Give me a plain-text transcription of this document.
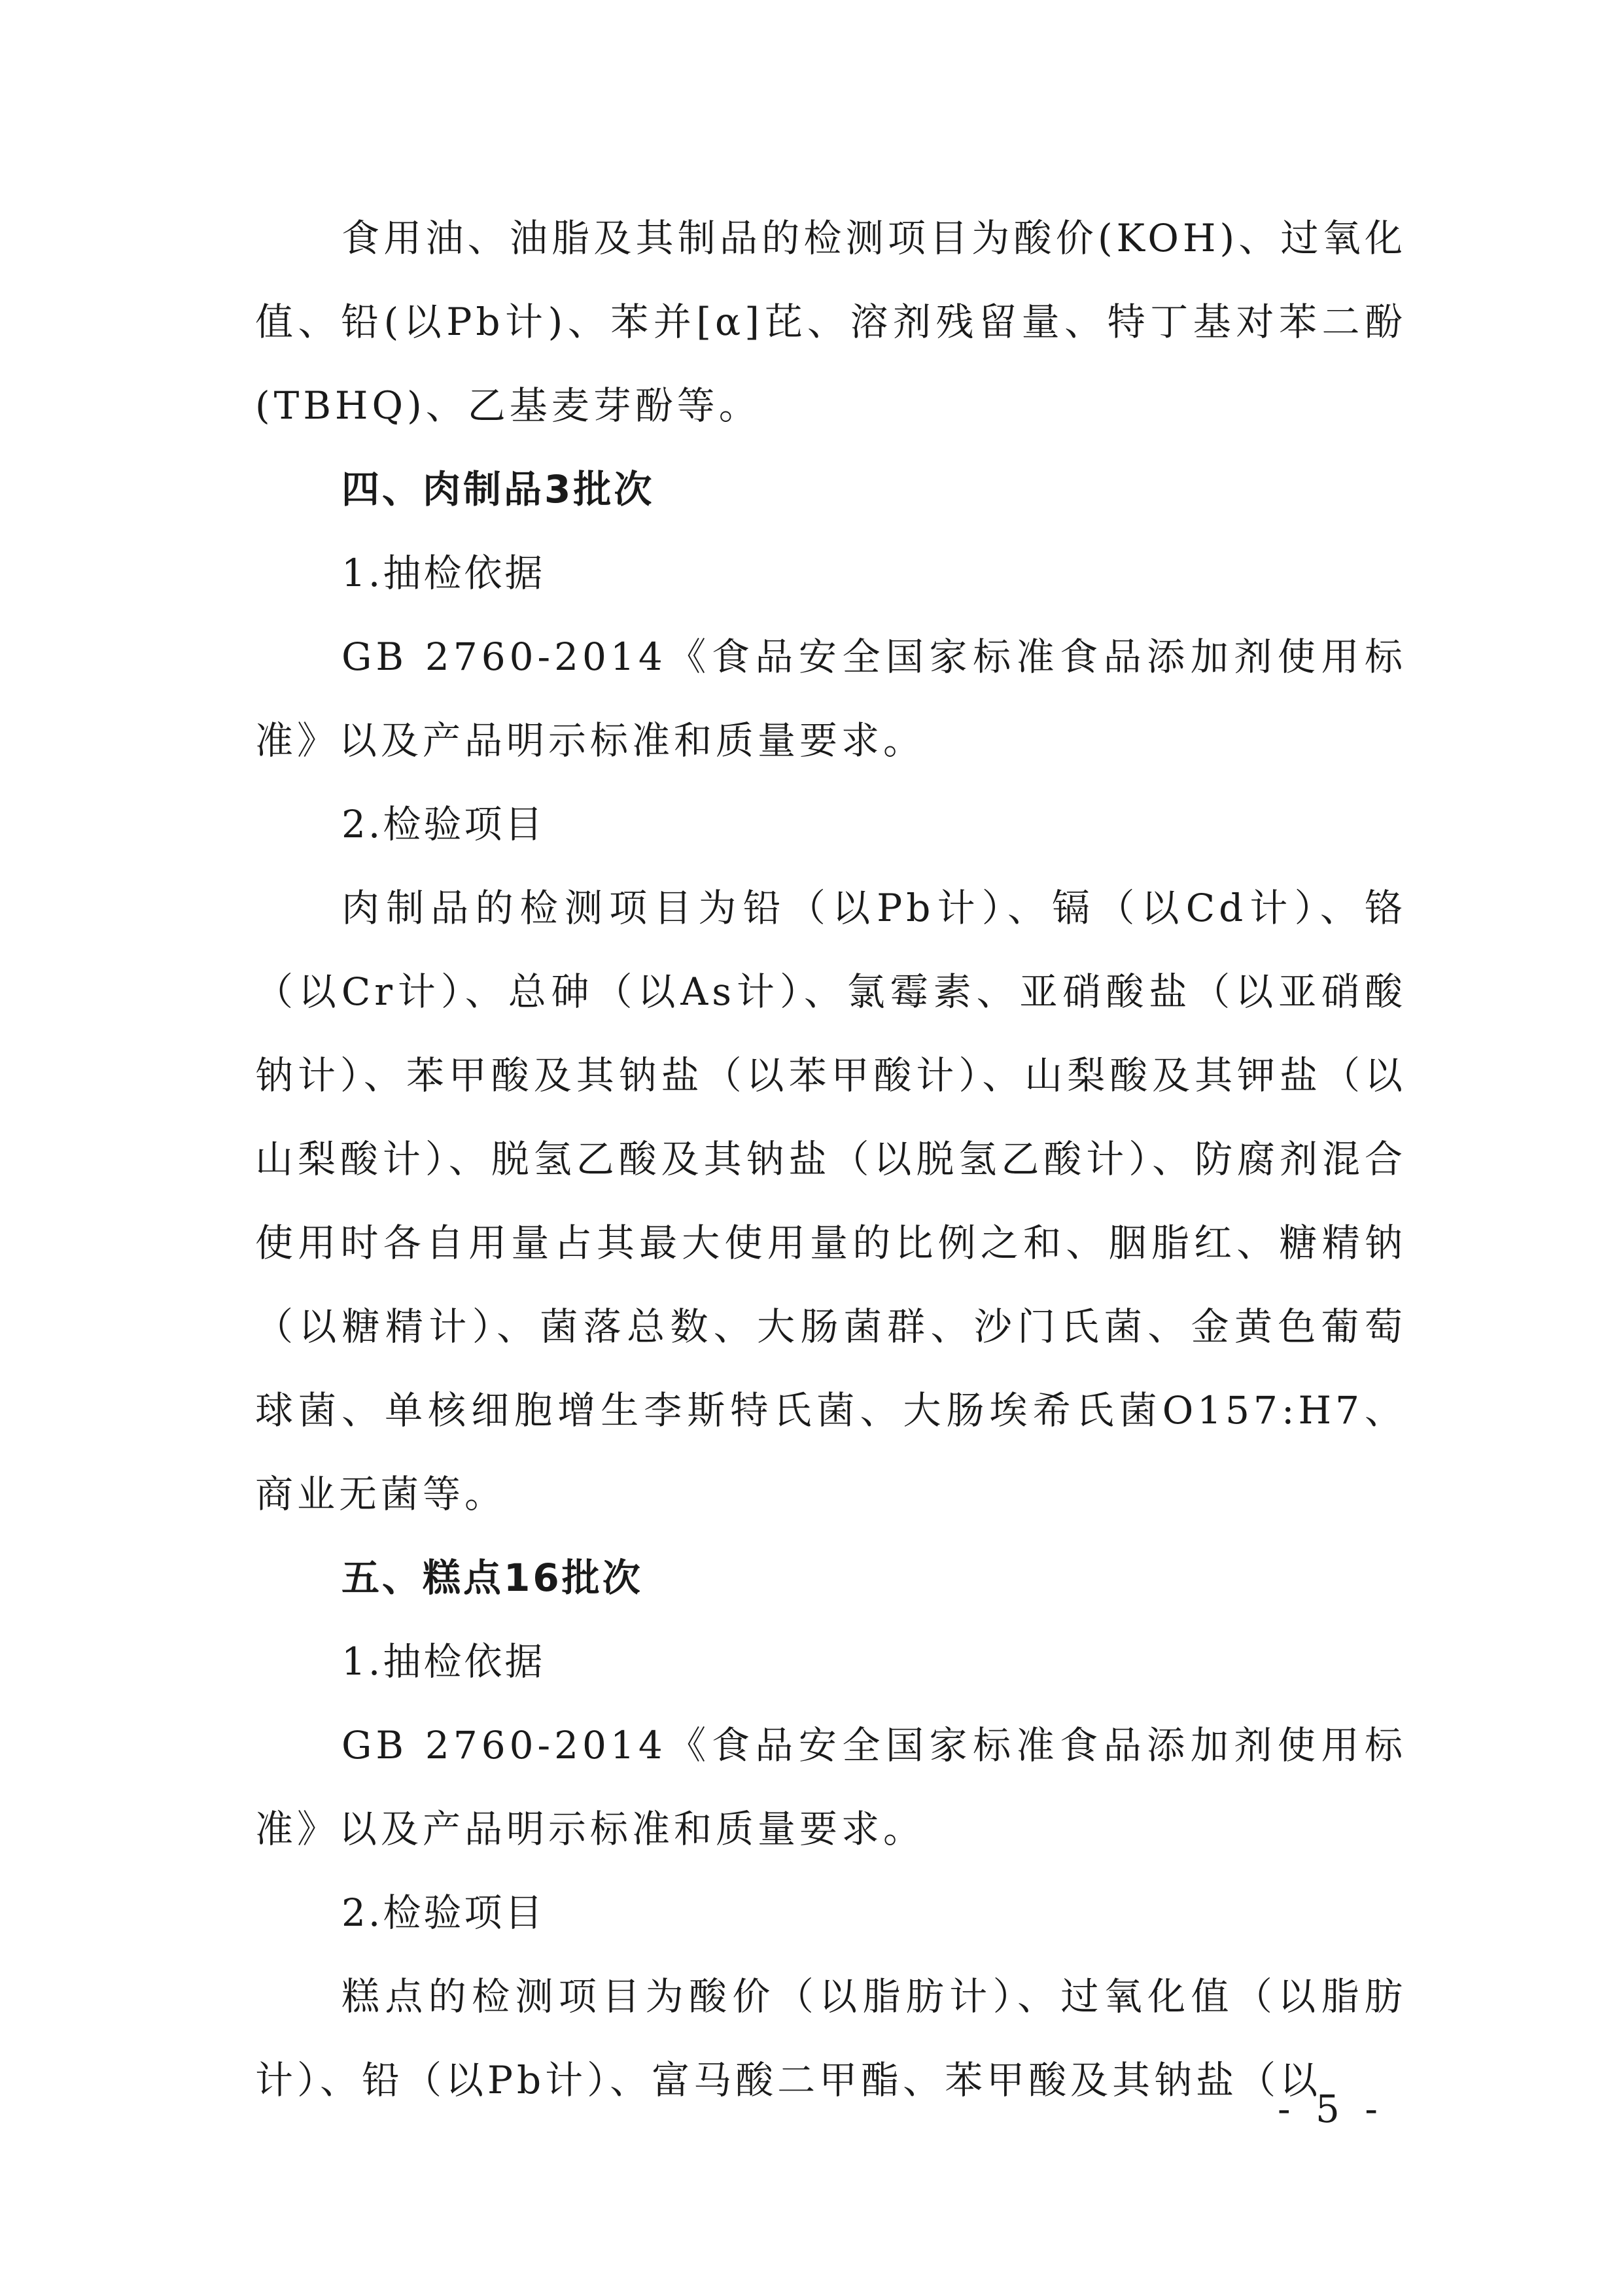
食用油、油脂及其制品的检测项目为酸价(KOH)、过氧化值、铅(以Pb计)、苯并[α]芘、溶剂残留量、特丁基对苯二酚(TBHQ)、乙基麦芽酚等。

四、肉制品3批次

1.抽检依据

GB 2760-2014《食品安全国家标准食品添加剂使用标准》以及产品明示标准和质量要求。

2.检验项目

肉制品的检测项目为铅（以Pb计）、镉（以Cd计）、铬（以Cr计）、总砷（以As计）、氯霉素、亚硝酸盐（以亚硝酸钠计）、苯甲酸及其钠盐（以苯甲酸计）、山梨酸及其钾盐（以山梨酸计）、脱氢乙酸及其钠盐（以脱氢乙酸计）、防腐剂混合使用时各自用量占其最大使用量的比例之和、胭脂红、糖精钠（以糖精计）、菌落总数、大肠菌群、沙门氏菌、金黄色葡萄球菌、单核细胞增生李斯特氏菌、大肠埃希氏菌O157:H7、商业无菌等。

五、糕点16批次

1.抽检依据

GB 2760-2014《食品安全国家标准食品添加剂使用标准》以及产品明示标准和质量要求。

2.检验项目

糕点的检测项目为酸价（以脂肪计）、过氧化值（以脂肪计）、铅（以Pb计）、富马酸二甲酯、苯甲酸及其钠盐（以

- 5 -
